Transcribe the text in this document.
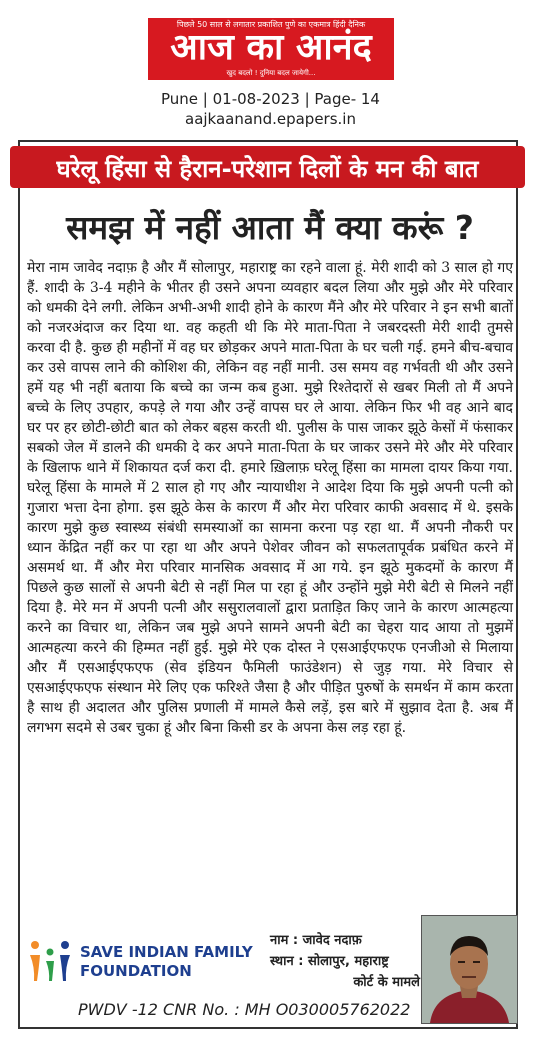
पिछले 50 साल से लगातार प्रकाशित पुणे का एकमात्र हिंदी दैनिक
आज का आनंद
खुद बदलो ! दुनिया बदल जायेगी...
Pune | 01-08-2023 | Page- 14
aajkaanand.epapers.in
घरेलू हिंसा से हैरान-परेशान दिलों के मन की बात
समझ में नहीं आता मैं क्या करूं ?
मेरा नाम जावेद नदाफ़ है और मैं सोलापुर, महाराष्ट्र का रहने वाला हूं. मेरी शादी को 3 साल हो गए हैं. शादी के 3-4 महीने के भीतर ही उसने अपना व्यवहार बदल लिया और मुझे और मेरे परिवार को धमकी देने लगी. लेकिन अभी-अभी शादी होने के कारण मैंने और मेरे परिवार ने इन सभी बातों को नजरअंदाज कर दिया था. वह कहती थी कि मेरे माता-पिता ने जबरदस्ती मेरी शादी तुमसे करवा दी है. कुछ ही महीनों में वह घर छोड़कर अपने माता-पिता के घर चली गई. हमने बीच-बचाव कर उसे वापस लाने की कोशिश की, लेकिन वह नहीं मानी. उस समय वह गर्भवती थी और उसने हमें यह भी नहीं बताया कि बच्चे का जन्म कब हुआ. मुझे रिश्तेदारों से खबर मिली तो मैं अपने बच्चे के लिए उपहार, कपड़े ले गया और उन्हें वापस घर ले आया. लेकिन फिर भी वह आने बाद घर पर हर छोटी-छोटी बात को लेकर बहस करती थी. पुलीस के पास जाकर झूठे केसों में फंसाकर सबको जेल में डालने की धमकी दे कर अपने माता-पिता के घर जाकर उसने मेरे और मेरे परिवार के खिलाफ थाने में शिकायत दर्ज करा दी. हमारे ख़िलाफ़ घरेलू हिंसा का मामला दायर किया गया. घरेलू हिंसा के मामले में 2 साल हो गए और न्यायाधीश ने आदेश दिया कि मुझे अपनी पत्नी को गुजारा भत्ता देना होगा. इस झूठे केस के कारण मैं और मेरा परिवार काफी अवसाद में थे. इसके कारण मुझे कुछ स्वास्थ्य संबंधी समस्याओं का सामना करना पड़ रहा था. मैं अपनी नौकरी पर ध्यान केंद्रित नहीं कर पा रहा था और अपने पेशेवर जीवन को सफलतापूर्वक प्रबंधित करने में असमर्थ था. मैं और मेरा परिवार मानसिक अवसाद में आ गये. इन झूठे मुकदमों के कारण मैं पिछले कुछ सालों से अपनी बेटी से नहीं मिल पा रहा हूं और उन्होंने मुझे मेरी बेटी से मिलने नहीं दिया है. मेरे मन में अपनी पत्नी और ससुरालवालों द्वारा प्रताड़ित किए जाने के कारण आत्महत्या करने का विचार था, लेकिन जब मुझे अपने सामने अपनी बेटी का चेहरा याद आया तो मुझमें आत्महत्या करने की हिम्मत नहीं हुई. मुझे मेरे एक दोस्त ने एसआईएफएफ एनजीओ से मिलाया और मैं एसआईएफएफ (सेव इंडियन फैमिली फाउंडेशन) से जुड़ गया. मेरे विचार से एसआईएफएफ संस्थान मेरे लिए एक फरिश्ते जैसा है और पीड़ित पुरुषों के समर्थन में काम करता है साथ ही अदालत और पुलिस प्रणाली में मामले कैसे लड़ें, इस बारे में सुझाव देता है. अब मैं लगभग सदमे से उबर चुका हूं और बिना किसी डर के अपना केस लड़ रहा हूं.
SAVE INDIAN FAMILY
FOUNDATION
नाम : जावेद नदाफ़
स्थान : सोलापुर, महाराष्ट्र
कोर्ट के मामले
PWDV -12 CNR No. : MH O030005762022
